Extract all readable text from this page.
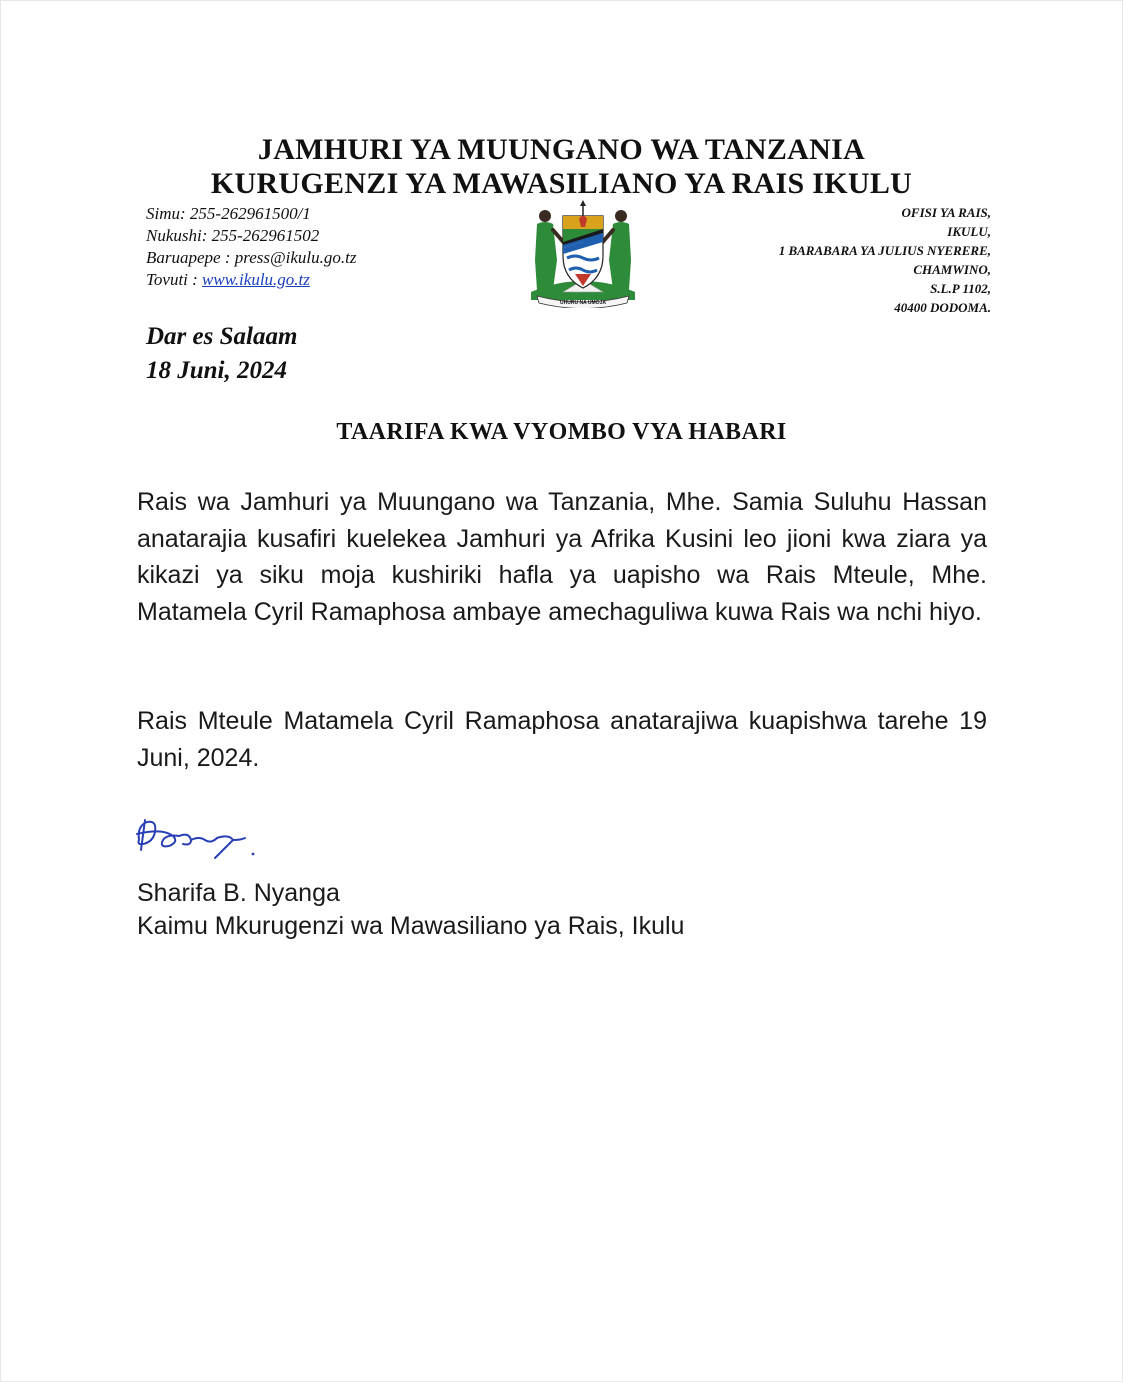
JAMHURI YA MUUNGANO WA TANZANIA
KURUGENZI YA MAWASILIANO YA RAIS IKULU
Simu: 255-262961500/1
Nukushi: 255-262961502
Baruapepe : press@ikulu.go.tz
Tovuti : www.ikulu.go.tz
UHURU NA UMOJA
OFISI YA RAIS,
IKULU,
1 BARABARA YA JULIUS NYERERE,
CHAMWINO,
S.L.P 1102,
40400 DODOMA.
Dar es Salaam
18 Juni, 2024
TAARIFA KWA VYOMBO VYA HABARI
Rais wa Jamhuri ya Muungano wa Tanzania, Mhe. Samia Suluhu Hassan anatarajia kusafiri kuelekea Jamhuri ya Afrika Kusini leo jioni kwa ziara ya kikazi ya siku moja kushiriki hafla ya uapisho wa Rais Mteule, Mhe. Matamela Cyril Ramaphosa ambaye amechaguliwa kuwa Rais wa nchi hiyo.
Rais Mteule Matamela Cyril Ramaphosa anatarajiwa kuapishwa tarehe 19 Juni, 2024.
Sharifa B. Nyanga
Kaimu Mkurugenzi wa Mawasiliano ya Rais, Ikulu
